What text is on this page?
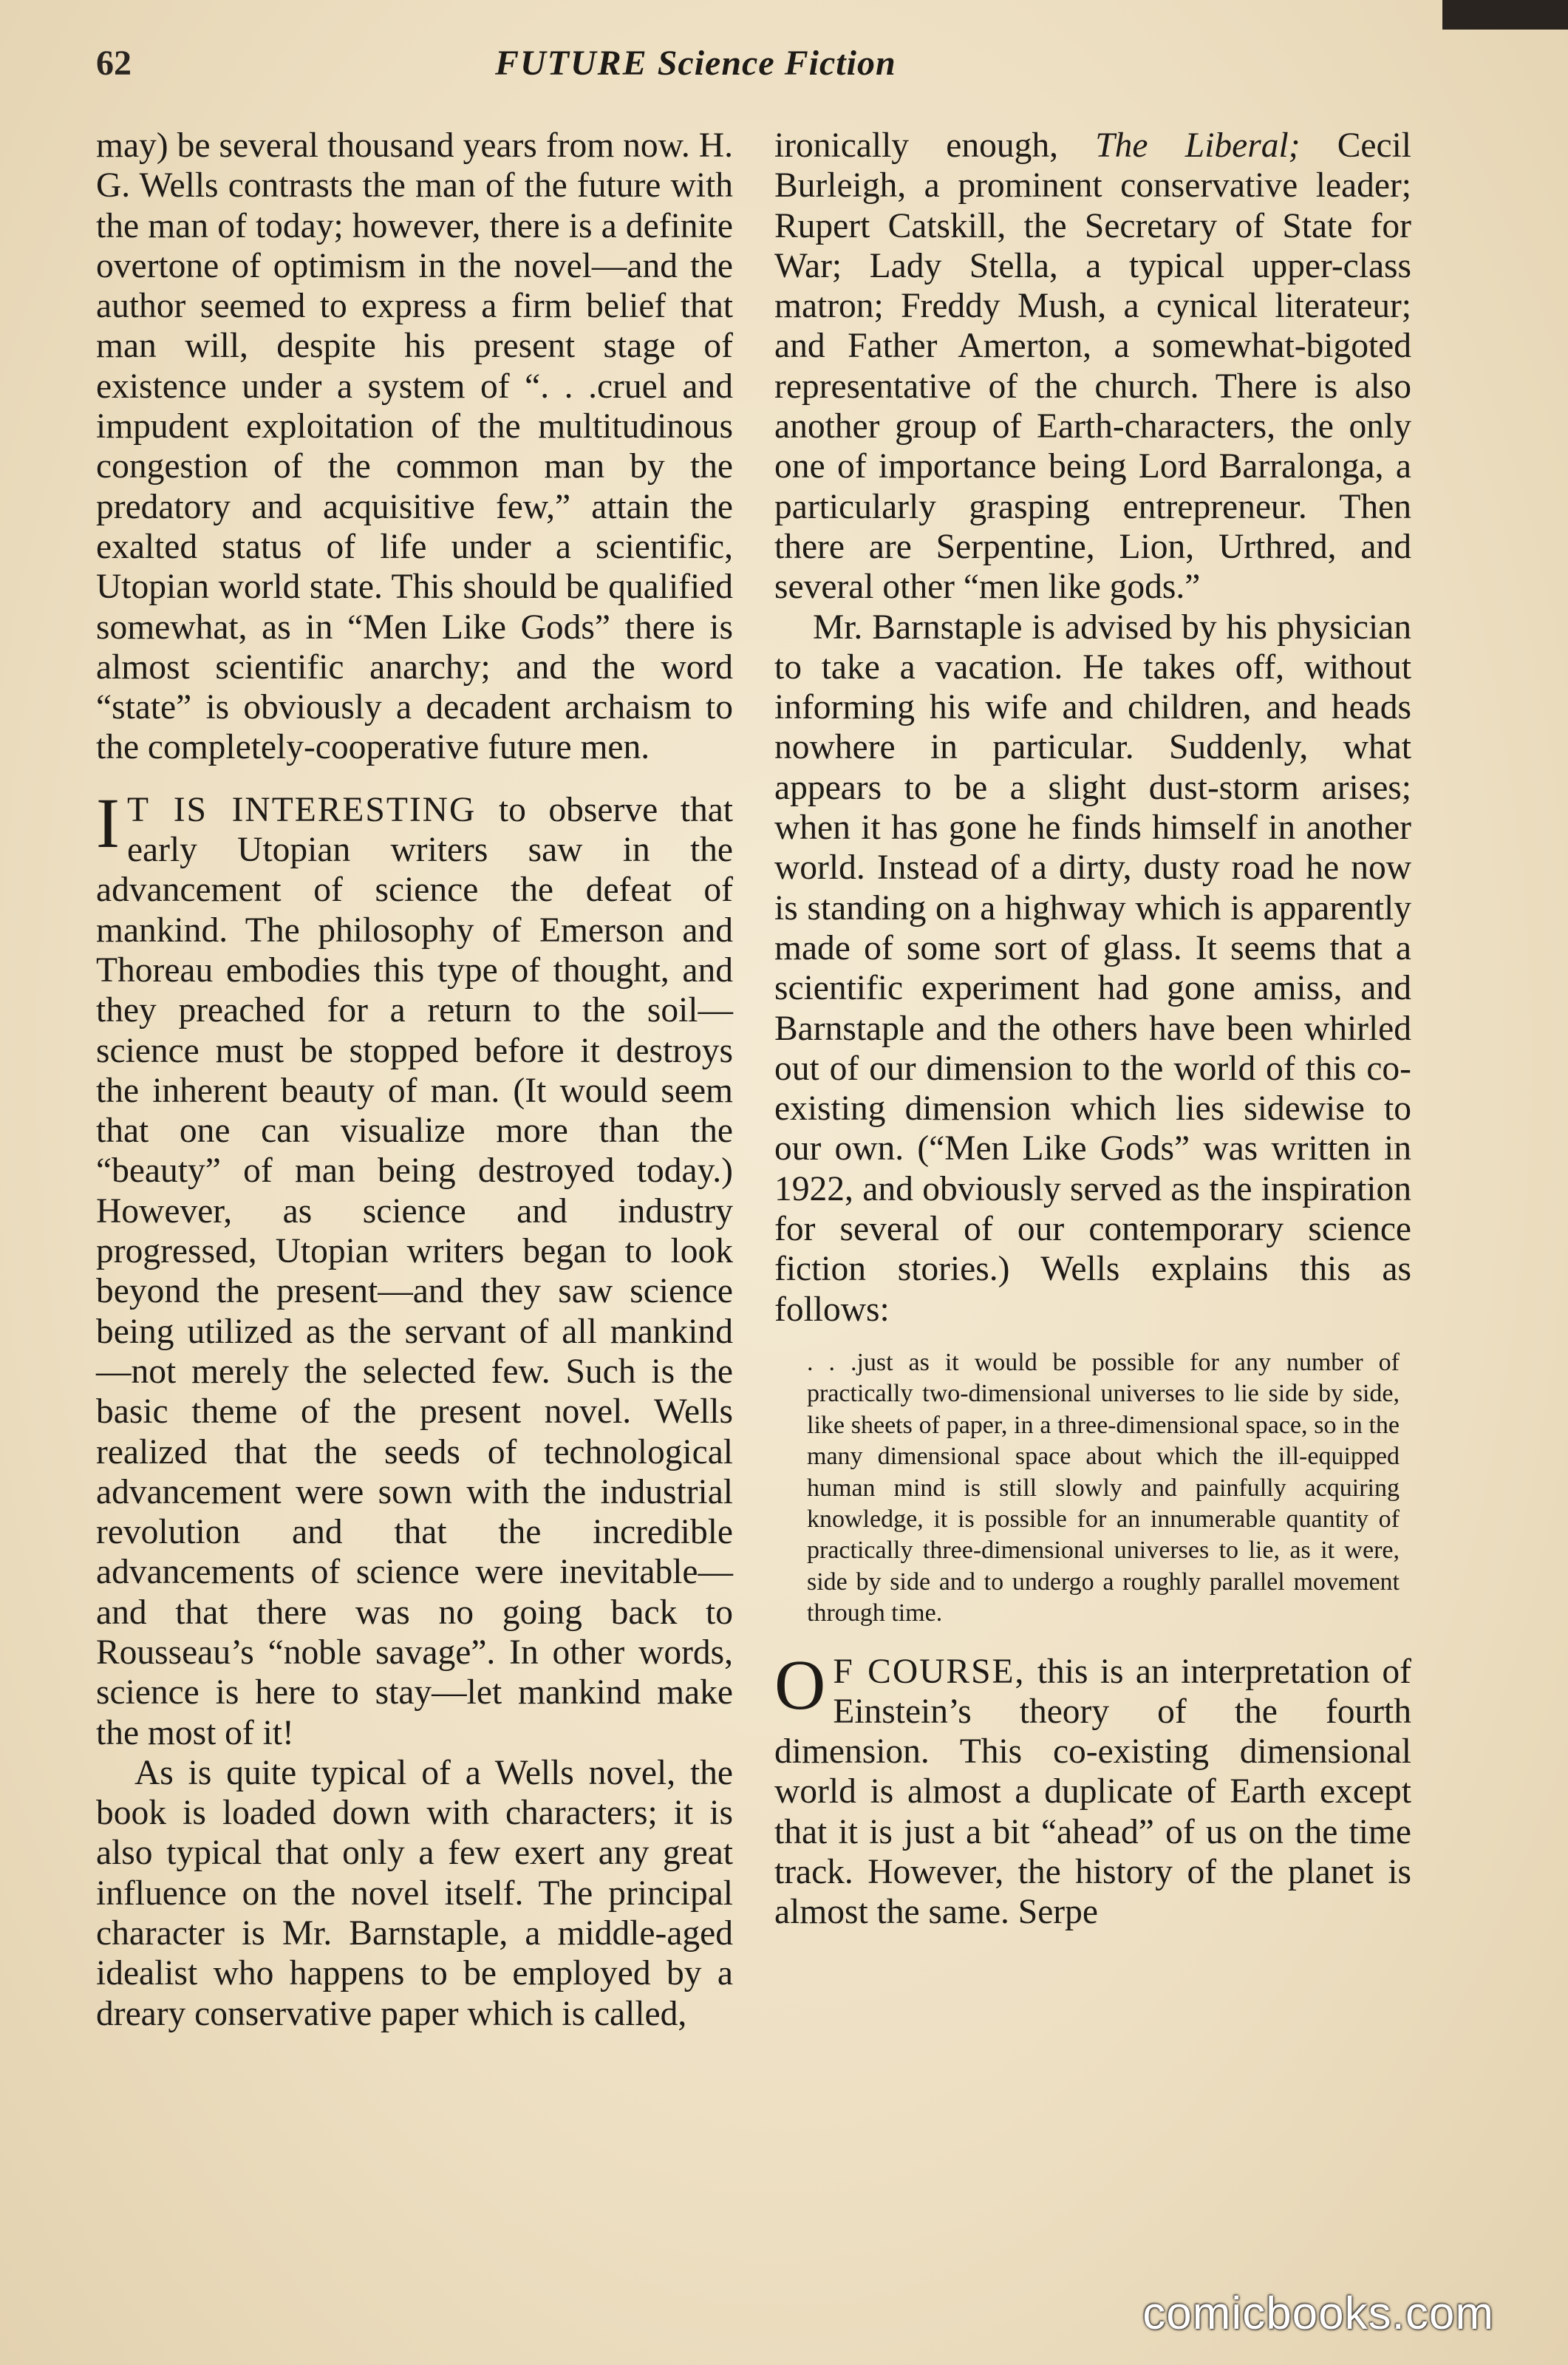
62	FUTURE Science Fiction

may) be several thousand years from now. H. G. Wells contrasts the man of the future with the man of today; however, there is a definite overtone of optimism in the novel—and the author seemed to express a firm belief that man will, despite his present stage of existence under a system of “. . .cruel and impudent exploitation of the multitudinous congestion of the common man by the predatory and acquisitive few,” attain the exalted status of life under a scientific, Utopian world state. This should be qualified somewhat, as in “Men Like Gods” there is almost scientific anarchy; and the word “state” is obviously a decadent archaism to the completely-cooperative future men.

I T IS INTERESTING to observe that early Utopian writers saw in the advancement of science the defeat of mankind. The philosophy of Emerson and Thoreau embodies this type of thought, and they preached for a return to the soil—science must be stopped before it destroys the inherent beauty of man. (It would seem that one can visualize more than the “beauty” of man being destroyed today.) However, as science and industry progressed, Utopian writers began to look beyond the present—and they saw science being utilized as the servant of all mankind—not merely the selected few. Such is the basic theme of the present novel. Wells realized that the seeds of technological advancement were sown with the industrial revolution and that the incredible advancements of science were inevitable—and that there was no going back to Rousseau’s “noble savage”. In other words, science is here to stay—let mankind make the most of it!

As is quite typical of a Wells novel, the book is loaded down with characters; it is also typical that only a few exert any great influence on the novel itself. The principal character is Mr. Barnstaple, a middle-aged idealist who happens to be employed by a dreary conservative paper which is called,

ironically enough, The Liberal; Cecil Burleigh, a prominent conservative leader; Rupert Catskill, the Secretary of State for War; Lady Stella, a typical upper-class matron; Freddy Mush, a cynical literateur; and Father Amerton, a somewhat-bigoted representative of the church. There is also another group of Earth-characters, the only one of importance being Lord Barralonga, a particularly grasping entrepreneur. Then there are Serpentine, Lion, Urthred, and several other “men like gods.”

Mr. Barnstaple is advised by his physician to take a vacation. He takes off, without informing his wife and children, and heads nowhere in particular. Suddenly, what appears to be a slight dust-storm arises; when it has gone he finds himself in another world. Instead of a dirty, dusty road he now is standing on a highway which is apparently made of some sort of glass. It seems that a scientific experiment had gone amiss, and Barnstaple and the others have been whirled out of our dimension to the world of this co-existing dimension which lies sidewise to our own. (“Men Like Gods” was written in 1922, and obviously served as the inspiration for several of our contemporary science fiction stories.) Wells explains this as follows:

. . .just as it would be possible for any number of practically two-dimensional universes to lie side by side, like sheets of paper, in a three-dimensional space, so in the many dimensional space about which the ill-equipped human mind is still slowly and painfully acquiring knowledge, it is possible for an innumerable quantity of practically three-dimensional universes to lie, as it were, side by side and to undergo a roughly parallel movement through time.

O F COURSE, this is an interpretation of Einstein’s theory of the fourth dimension. This co-existing dimensional world is almost a duplicate of Earth except that it is just a bit “ahead” of us on the time track. However, the history of the planet is almost the same. Serpe

comicbooks.com
